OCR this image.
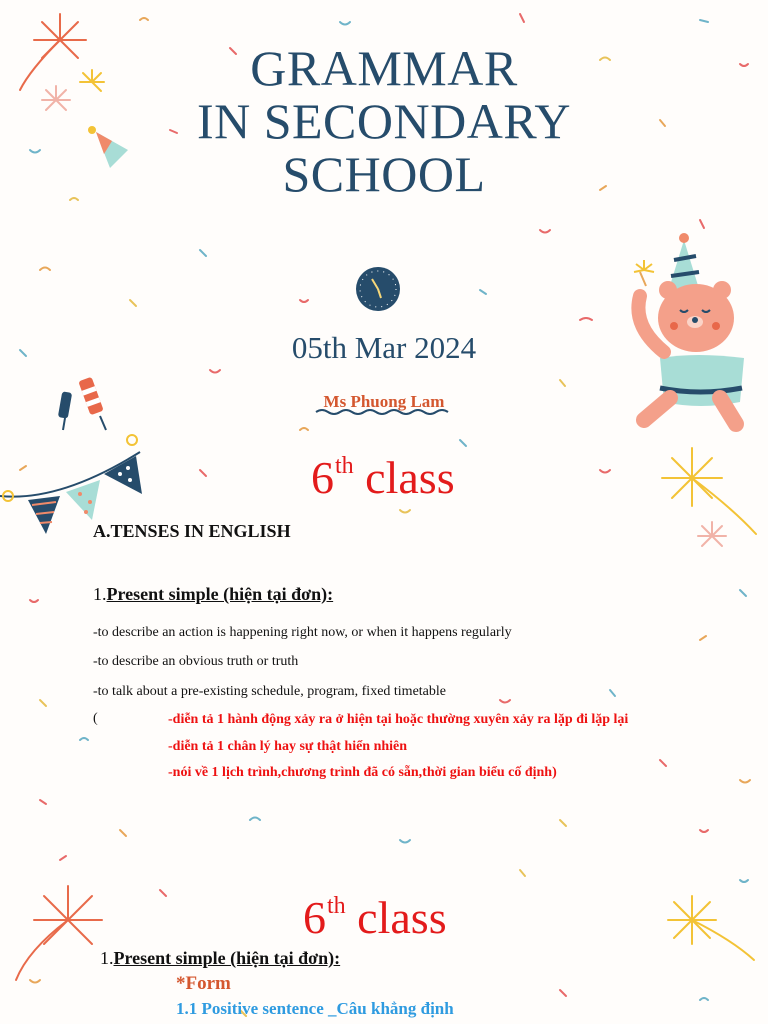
GRAMMAR
IN SECONDARY
SCHOOL
05th Mar 2024
Ms Phuong Lam
6th class
A.TENSES IN ENGLISH
1.Present simple (hiện tại đơn):
-to describe an action is happening right now, or when it happens regularly
-to describe an obvious truth or truth
-to talk about a pre-existing schedule, program, fixed timetable
(	-diễn tả 1 hành động xảy ra ở hiện tại hoặc thường xuyên xảy ra lặp đi lặp lại
-diễn tả 1 chân lý hay sự thật hiển nhiên
-nói về 1 lịch trình,chương trình đã có sẵn,thời gian biểu cố định)
6th class
1.Present simple (hiện tại đơn):
*Form
1.1 Positive sentence _Câu khẳng định
